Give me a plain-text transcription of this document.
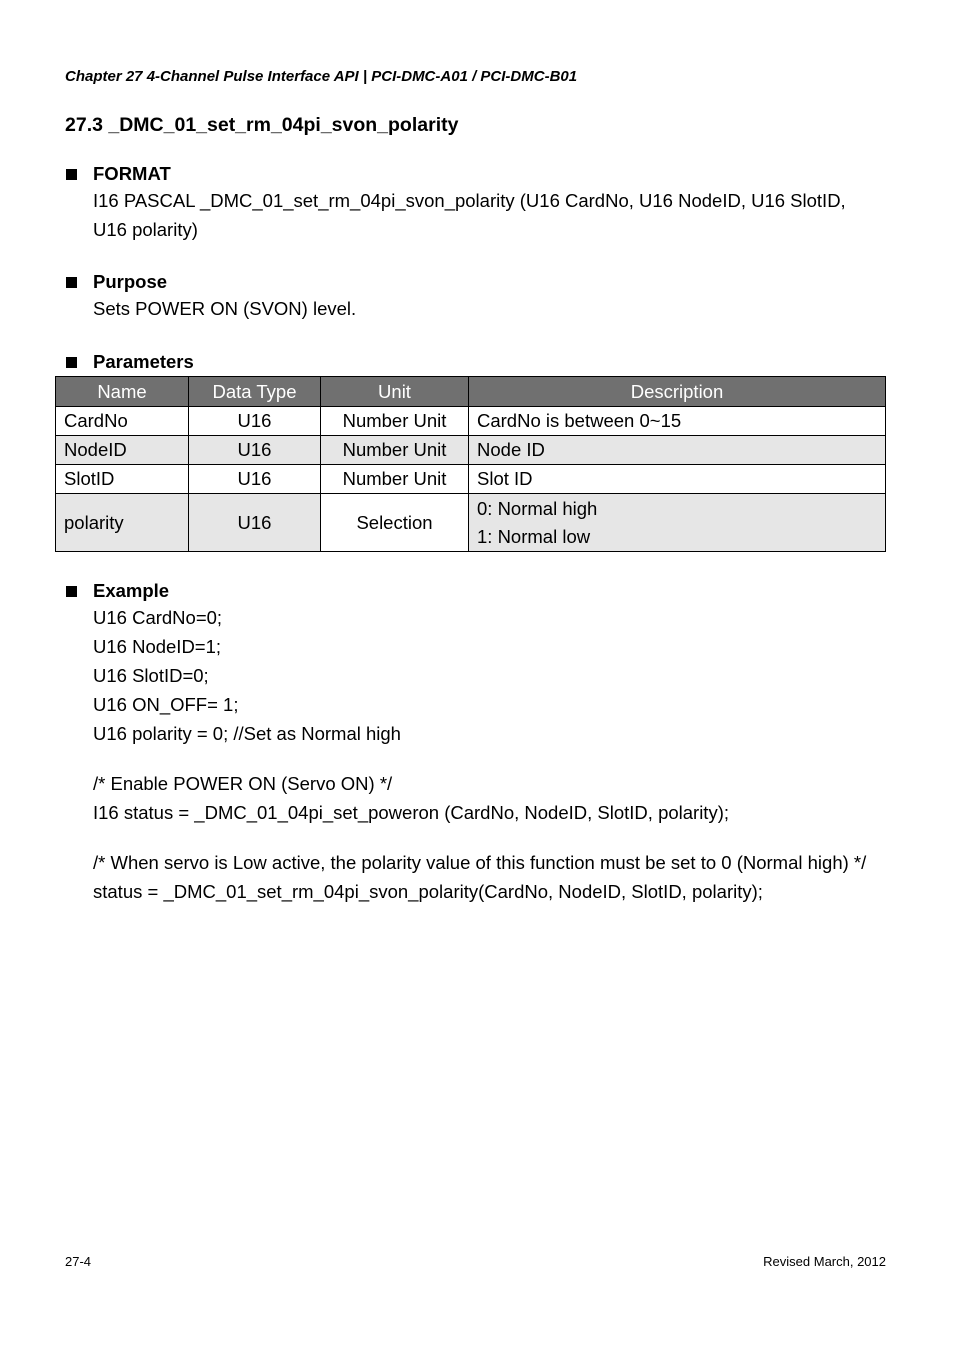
Chapter 27 4-Channel Pulse Interface API | PCI-DMC-A01 / PCI-DMC-B01
27.3 _DMC_01_set_rm_04pi_svon_polarity
FORMAT
I16 PASCAL _DMC_01_set_rm_04pi_svon_polarity (U16 CardNo, U16 NodeID, U16 SlotID,
U16 polarity)
Purpose
Sets POWER ON (SVON) level.
Parameters
Name	Data Type	Unit	Description
CardNo	U16	Number Unit	CardNo is between 0~15
NodeID	U16	Number Unit	Node ID
SlotID	U16	Number Unit	Slot ID
polarity	U16	Selection	0: Normal high
1: Normal low
Example
U16 CardNo=0;
U16 NodeID=1;
U16 SlotID=0;
U16 ON_OFF= 1;
U16 polarity = 0; //Set as Normal high
/* Enable POWER ON (Servo ON) */
I16 status = _DMC_01_04pi_set_poweron (CardNo, NodeID, SlotID, polarity);
/* When servo is Low active, the polarity value of this function must be set to 0 (Normal high) */
status = _DMC_01_set_rm_04pi_svon_polarity(CardNo, NodeID, SlotID, polarity);
27-4	Revised March, 2012
